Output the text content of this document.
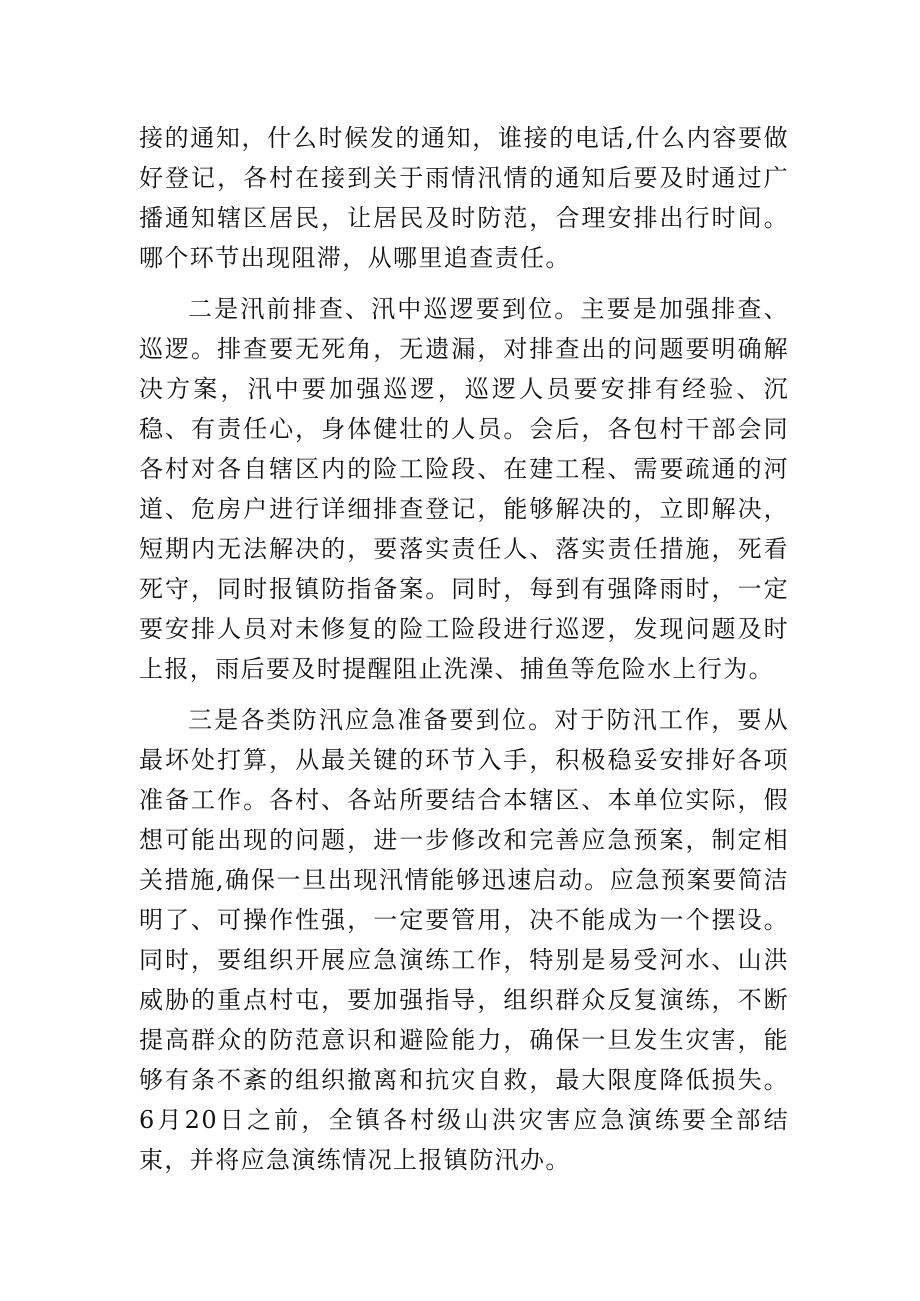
接的通知，什么时候发的通知，谁接的电话,什么内容要做好登记，各村在接到关于雨情汛情的通知后要及时通过广播通知辖区居民，让居民及时防范，合理安排出行时间。哪个环节出现阻滞，从哪里追查责任。

二是汛前排查、汛中巡逻要到位。主要是加强排查、巡逻。排查要无死角，无遗漏，对排查出的问题要明确解决方案，汛中要加强巡逻，巡逻人员要安排有经验、沉稳、有责任心，身体健壮的人员。会后，各包村干部会同各村对各自辖区内的险工险段、在建工程、需要疏通的河道、危房户进行详细排查登记，能够解决的，立即解决，短期内无法解决的，要落实责任人、落实责任措施，死看死守，同时报镇防指备案。同时，每到有强降雨时，一定要安排人员对未修复的险工险段进行巡逻，发现问题及时上报，雨后要及时提醒阻止洗澡、捕鱼等危险水上行为。

三是各类防汛应急准备要到位。对于防汛工作，要从最坏处打算，从最关键的环节入手，积极稳妥安排好各项准备工作。各村、各站所要结合本辖区、本单位实际，假想可能出现的问题，进一步修改和完善应急预案，制定相关措施,确保一旦出现汛情能够迅速启动。应急预案要简洁明了、可操作性强，一定要管用，决不能成为一个摆设。同时，要组织开展应急演练工作，特别是易受河水、山洪威胁的重点村屯，要加强指导，组织群众反复演练，不断提高群众的防范意识和避险能力，确保一旦发生灾害，能够有条不紊的组织撤离和抗灾自救，最大限度降低损失。6月20日之前，全镇各村级山洪灾害应急演练要全部结束，并将应急演练情况上报镇防汛办。
